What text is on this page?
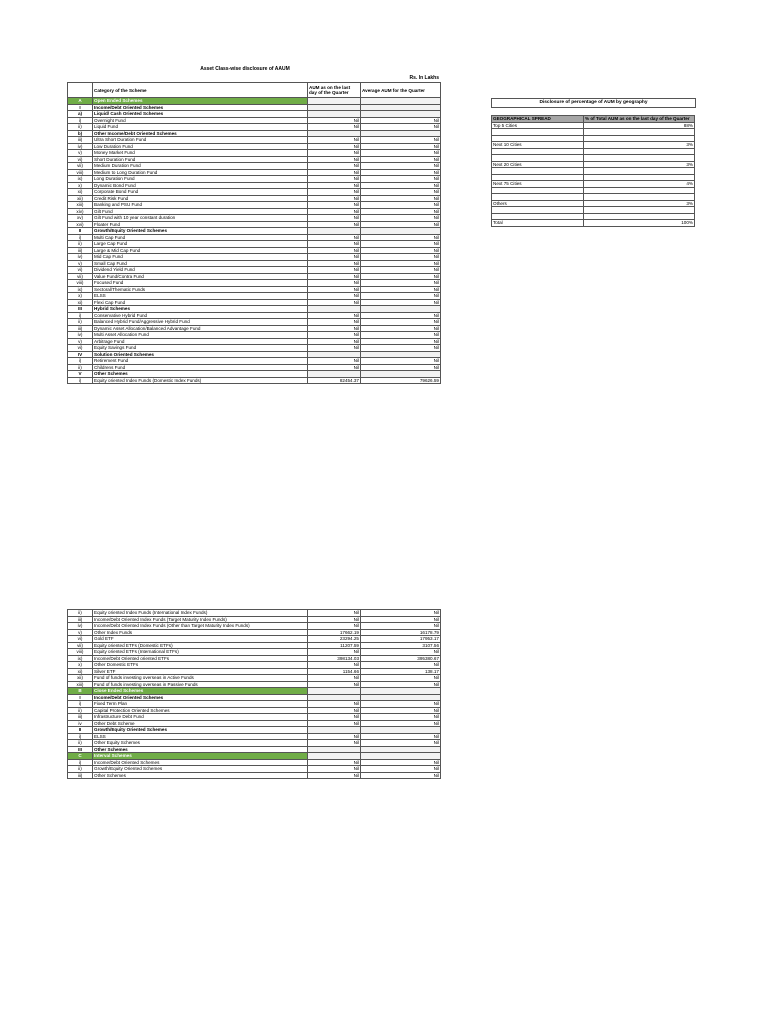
Asset Class-wise disclosure of AAUM
Rs. In Lakhs
	Category of the Scheme	AUM as on the last day of the Quarter	Average AUM for the Quarter
A	Open Ended Schemes		
I	Income/Debt Oriented Schemes		
a)	Liquid/ Cash Oriented Schemes		
i)	Overnight Fund	Nil	Nil
ii)	Liquid Fund	Nil	Nil
b)	Other Income/Debt Oriented Schemes		
iii)	Ultra Short Duration Fund	Nil	Nil
iv)	Low Duration Fund	Nil	Nil
v)	Money Market Fund	Nil	Nil
vi)	Short Duration Fund	Nil	Nil
vii)	Medium Duration Fund	Nil	Nil
viii)	Medium to Long Duration Fund	Nil	Nil
ix)	Long Duration Fund	Nil	Nil
x)	Dynamic Bond Fund	Nil	Nil
xi)	Corporate Bond Fund	Nil	Nil
xii)	Credit Risk Fund	Nil	Nil
xiii)	Banking and PSU Fund	Nil	Nil
xiv)	Gilt Fund	Nil	Nil
xv)	Gilt Fund with 10 year constant duration	Nil	Nil
xvi)	Floater Fund	Nil	Nil
II	Growth/Equity Oriented Schemes		
i)	Multi Cap Fund	Nil	Nil
ii)	Large Cap Fund	Nil	Nil
iii)	Large & Mid Cap Fund	Nil	Nil
iv)	Mid Cap Fund	Nil	Nil
v)	Small Cap Fund	Nil	Nil
vi)	Dividend Yield Fund	Nil	Nil
vii)	Value Fund/Contra Fund	Nil	Nil
viii)	Focused Fund	Nil	Nil
ix)	Sectoral/Thematic Funds	Nil	Nil
x)	ELSS	Nil	Nil
xi)	Flexi Cap Fund	Nil	Nil
III	Hybrid Schemes		
i)	Conservative Hybrid Fund	Nil	Nil
ii)	Balanced Hybrid Fund/Aggressive Hybrid Fund	Nil	Nil
iii)	Dynamic Asset Allocation/Balanced Advantage Fund	Nil	Nil
iv)	Multi Asset Allocation Fund	Nil	Nil
v)	Arbitrage Fund	Nil	Nil
vi)	Equity Savings Fund	Nil	Nil
IV	Solution Oriented Schemes		
i)	Retirement Fund	Nil	Nil
ii)	Childrens Fund	Nil	Nil
V	Other Schemes		
i)	Equity oriented Index Funds (Domestic Index Funds)	82454.37	79626.59
ii)	Equity oriented Index Funds (International Index Funds)	Nil	Nil
iii)	Income/Debt Oriented Index Funds (Target Maturity Index Funds)	Nil	Nil
iv)	Income/Debt Oriented Index Funds (Other than Target Maturity Index Funds)	Nil	Nil
v)	Other Index Funds	17662.19	16178.79
vi)	Gold ETF	23294.25	17953.17
vii)	Equity oriented ETFs (Domestic ETFs)	11207.59	3107.56
viii)	Equity oriented ETFs (International ETFs)	Nil	Nil
ix)	Income/Debt Oriented oriented ETFs	398134.03	395380.67
x)	Other Domestic ETFs	Nil	Nil
xi)	Silver ETF	1154.66	138.17
xii)	Fund of funds investing overseas in Active Funds	Nil	Nil
xiii)	Fund of funds investing overseas in Passive Funds	Nil	Nil
B	Close Ended Schemes		
I	Income/Debt Oriented Schemes		
i)	Fixed Term Plan	Nil	Nil
ii)	Capital Protection Oriented Schemes	Nil	Nil
iii)	Infrastructure Debt Fund	Nil	Nil
iv	Other Debt Scheme	Nil	Nil
II	Growth/Equity Oriented Schemes		
i)	ELSS	Nil	Nil
ii)	Other Equity Schemes	Nil	Nil
III	Other Schemes		
C	Interval Schemes		
i)	Income/Debt Oriented Schemes	Nil	Nil
ii)	Growth/Equity Oriented Schemes	Nil	Nil
iii)	Other Schemes	Nil	Nil
Disclosure of percentage of AUM by geography
GEOGRAPHICAL SPREAD	% of Total AUM as on the last day of the Quarter
Top 5 Cities	88%

Next 10 Cities	3%

Next 20 Cities	3%

Next 75 Cities	4%

Others	3%

Total	100%
